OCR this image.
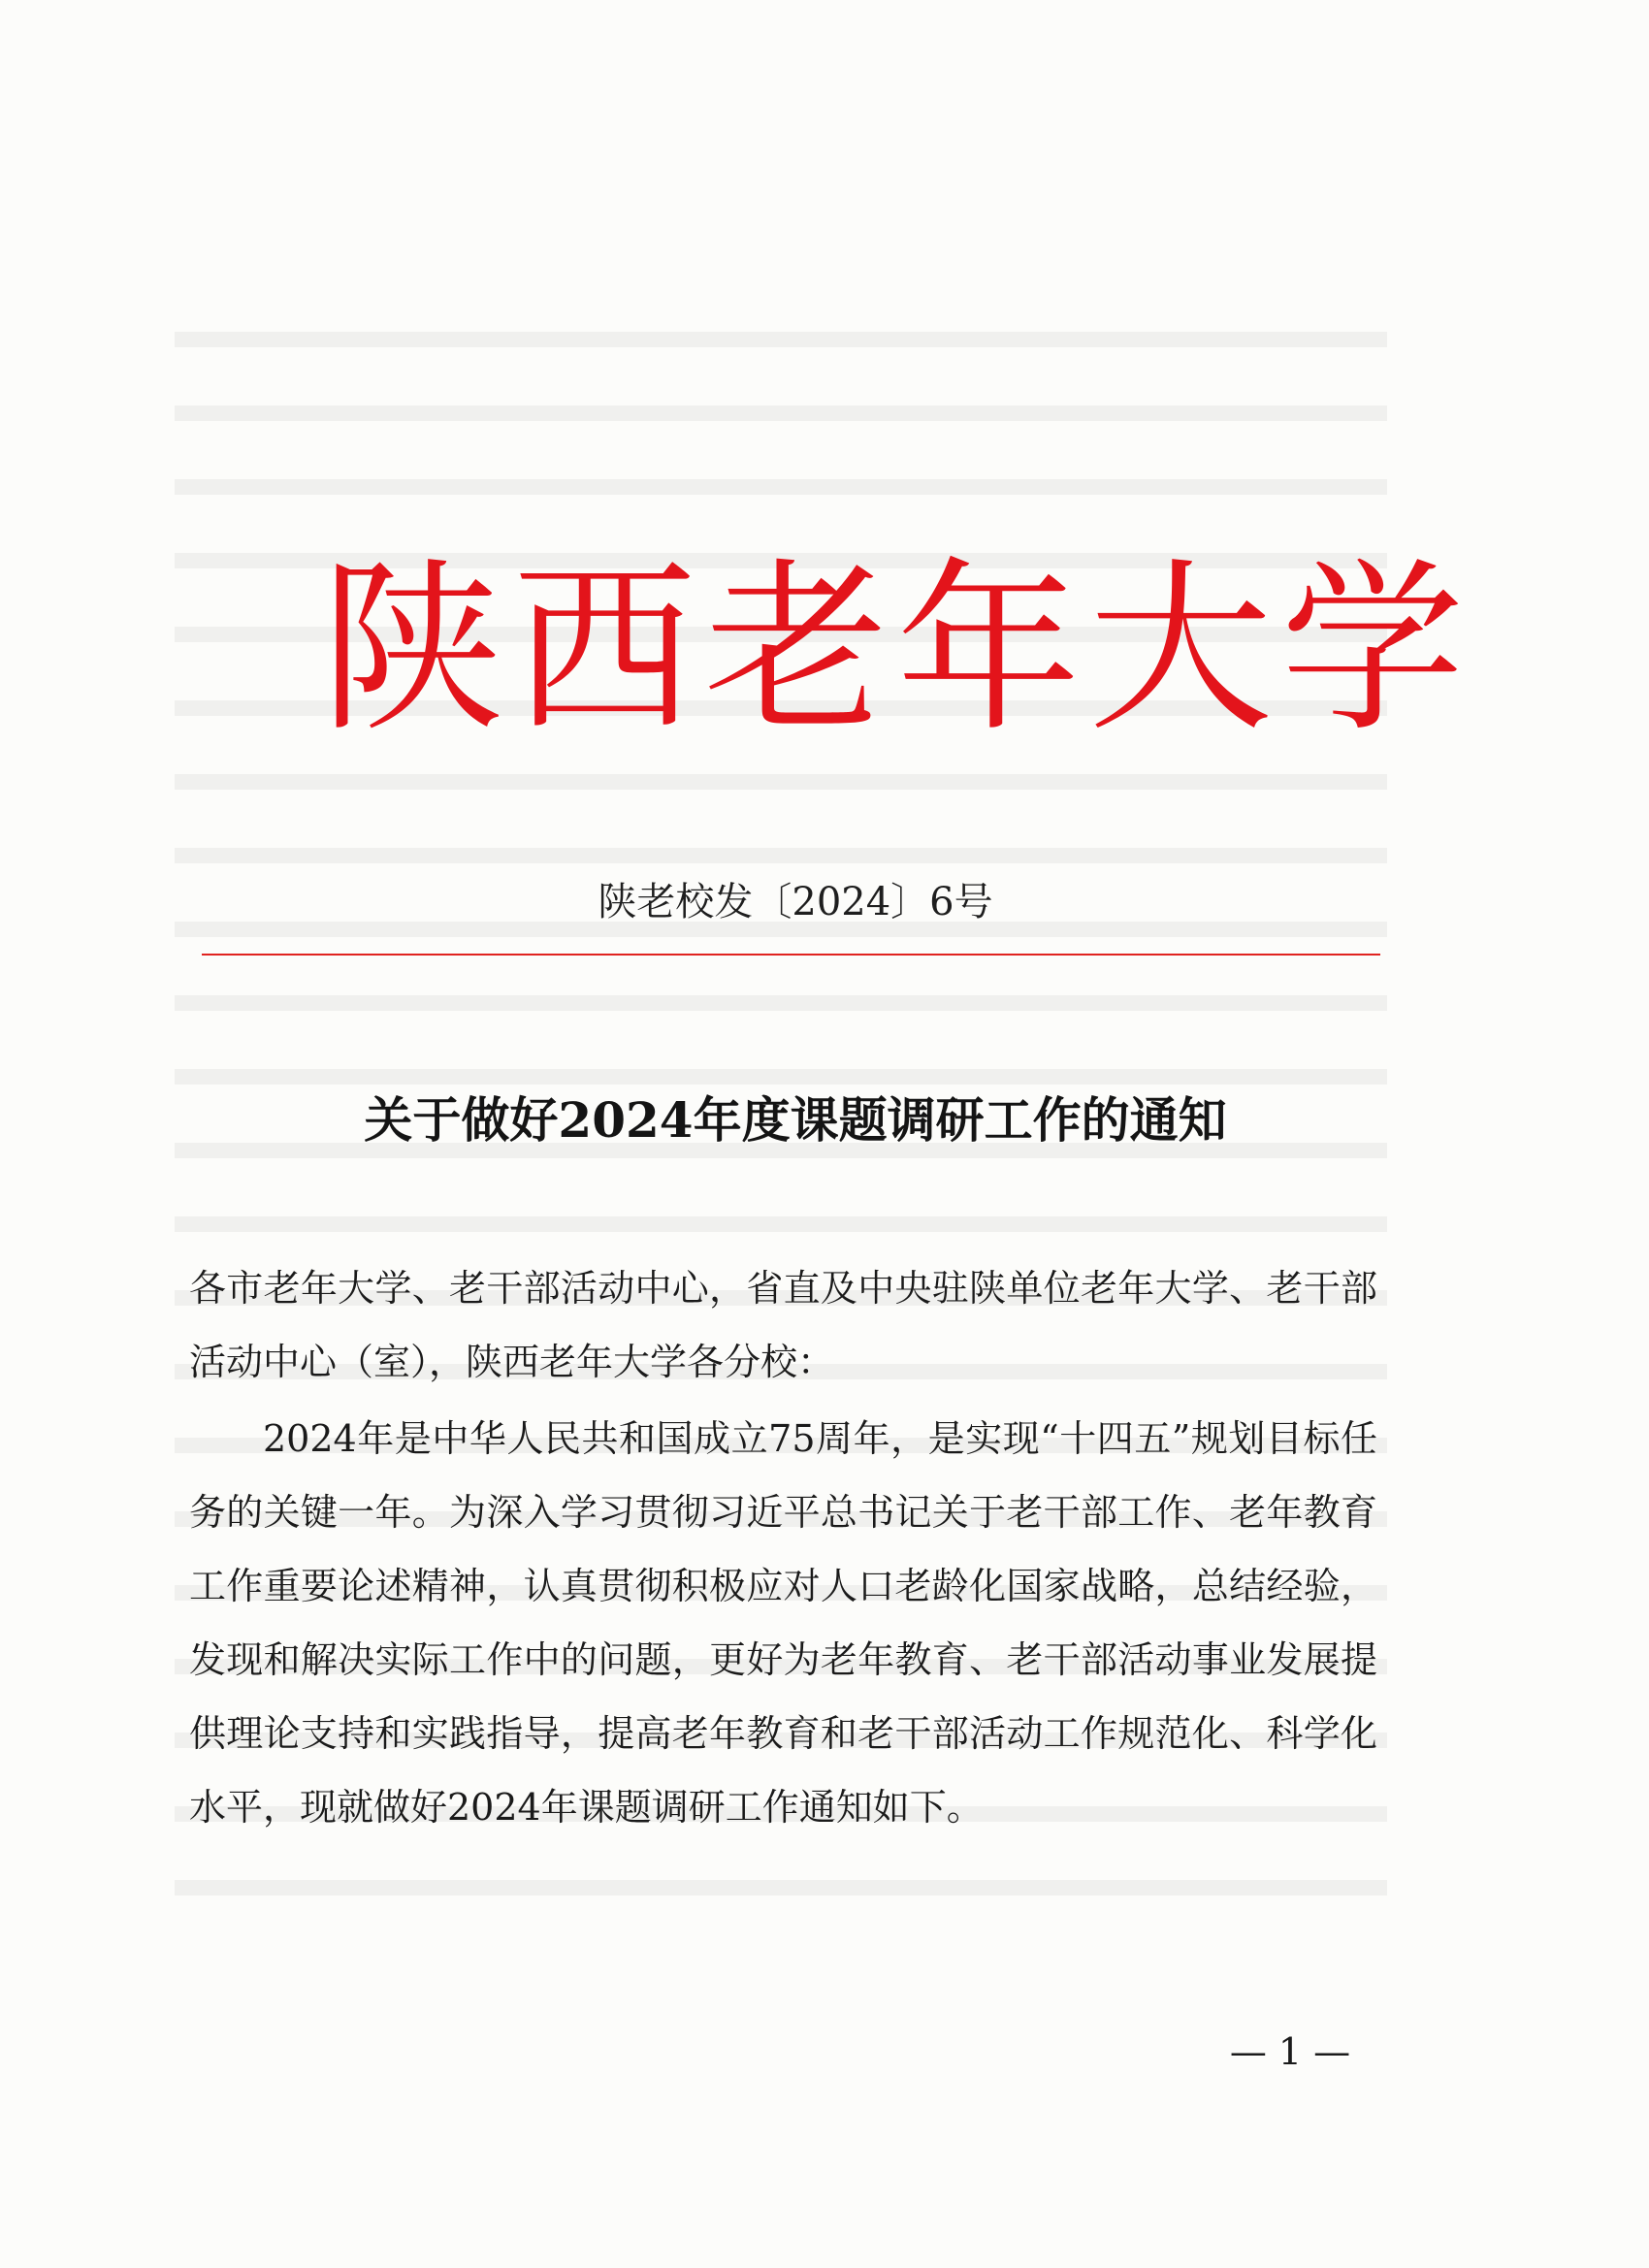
陕西老年大学
陕老校发〔2024〕6号
关于做好2024年度课题调研工作的通知
各市老年大学、老干部活动中心，省直及中央驻陕单位老年大学、老干部活动中心（室），陕西老年大学各分校：
2024年是中华人民共和国成立75周年，是实现“十四五”规划目标任务的关键一年。为深入学习贯彻习近平总书记关于老干部工作、老年教育工作重要论述精神，认真贯彻积极应对人口老龄化国家战略，总结经验，发现和解决实际工作中的问题，更好为老年教育、老干部活动事业发展提供理论支持和实践指导，提高老年教育和老干部活动工作规范化、科学化水平，现就做好2024年课题调研工作通知如下。
— 1 —
